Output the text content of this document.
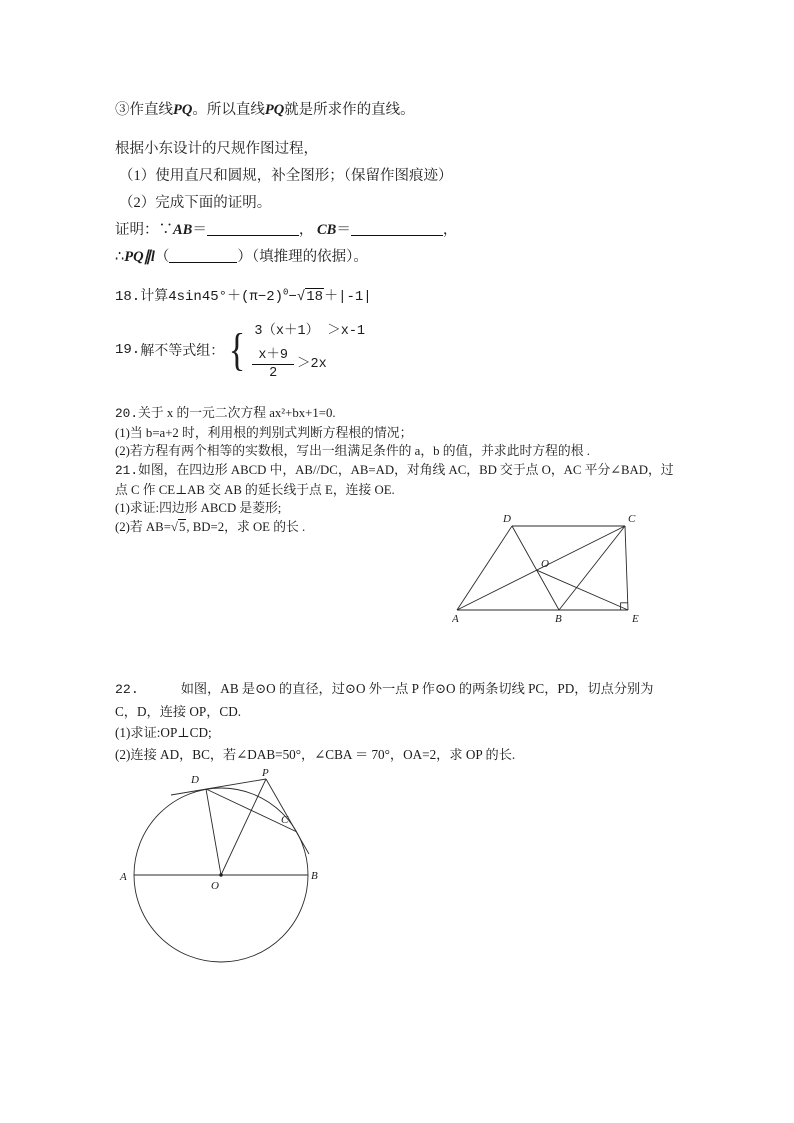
③作直线PQ。所以直线PQ就是所求作的直线。
根据小东设计的尺规作图过程，
（1）使用直尺和圆规，补全图形；（保留作图痕迹）
（2）完成下面的证明。
证明：∵AB＝	， CB＝	，
∴PQ∥l（	）（填推理的依据）。
18.计算$4\sin 45^\circ+(\pi-2)^0-√18+|-1|$
19. 解不等式组： { 3（x＋1） ＞x-1
$\frac{x+9}{2} >2x$
20.关于 x 的一元二次方程 ax²+bx+1=0.
(1)当 b=a+2 时，利用根的判别式判断方程根的情况；
(2)若方程有两个相等的实数根，写出一组满足条件的 a，b 的值，并求此时方程的根 .
21.如图，在四边形 ABCD 中，AB//DC，AB=AD，对角线 AC，BD 交于点 O，AC 平分∠BAD，过
点 C 作 CE⊥AB 交 AB 的延长线于点 E，连接 OE.
(1)求证:四边形 ABCD 是菱形;
(2)若 AB=√5, BD=2，求 OE 的长 .
D	C
A	B	E
O
22.	如图，AB 是⊙O 的直径，过⊙O 外一点 P 作⊙O 的两条切线 PC，PD，切点分别为
C，D，连接 OP，CD.
(1)求证:OP⊥CD;
(2)连接 AD，BC，若∠DAB=50°，∠CBA ＝ 70°，OA=2，求 OP 的长.
A	B
O
P
D
C
